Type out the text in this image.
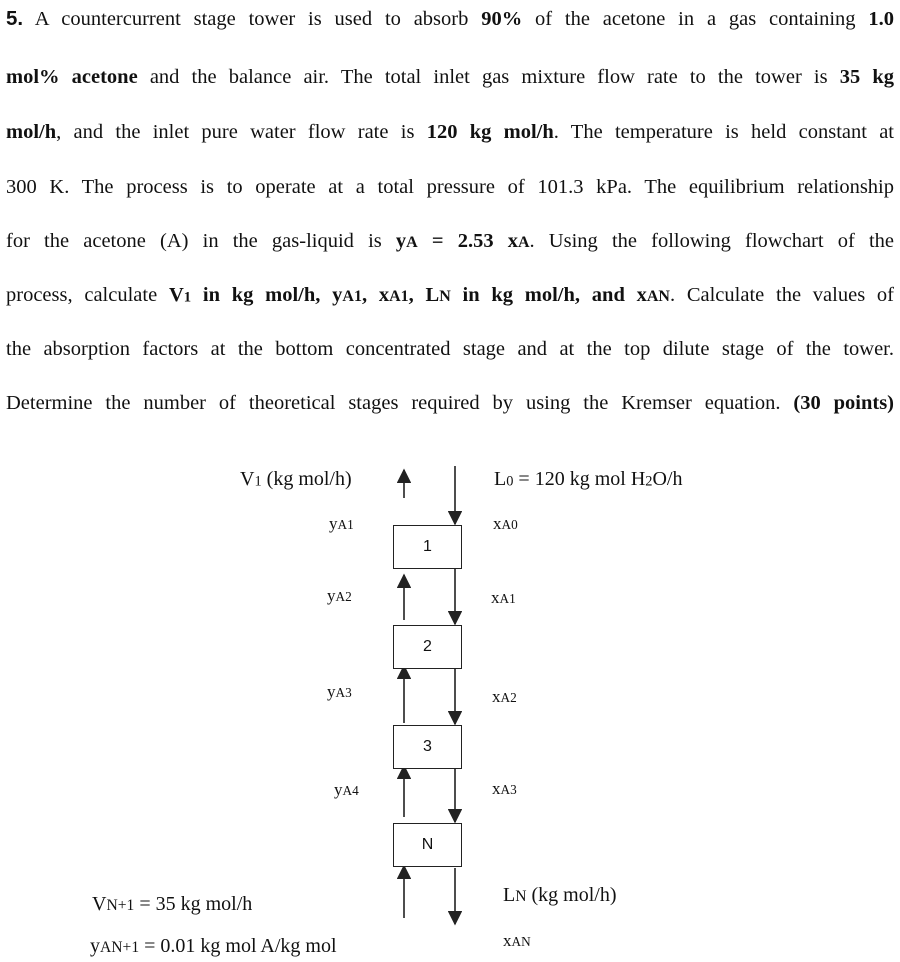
5. A countercurrent stage tower is used to absorb 90% of the acetone in a gas containing 1.0
mol% acetone and the balance air. The total inlet gas mixture flow rate to the tower is 35 kg
mol/h, and the inlet pure water flow rate is 120 kg mol/h. The temperature is held constant at
300 K. The process is to operate at a total pressure of 101.3 kPa. The equilibrium relationship
for the acetone (A) in the gas-liquid is yA = 2.53 xA. Using the following flowchart of the
process, calculate V1 in kg mol/h, yA1, xA1, LN in kg mol/h, and xAN. Calculate the values of
the absorption factors at the bottom concentrated stage and at the top dilute stage of the tower.
Determine the number of theoretical stages required by using the Kremser equation. (30 points)
1
2
3
N
V1 (kg mol/h)	L0 = 120 kg mol H2O/h
yA1
yA2
yA3
yA4
xA0
xA1
xA2
xA3
VN+1 = 35 kg mol/h
yAN+1 = 0.01 kg mol A/kg mol
LN (kg mol/h)
xAN
